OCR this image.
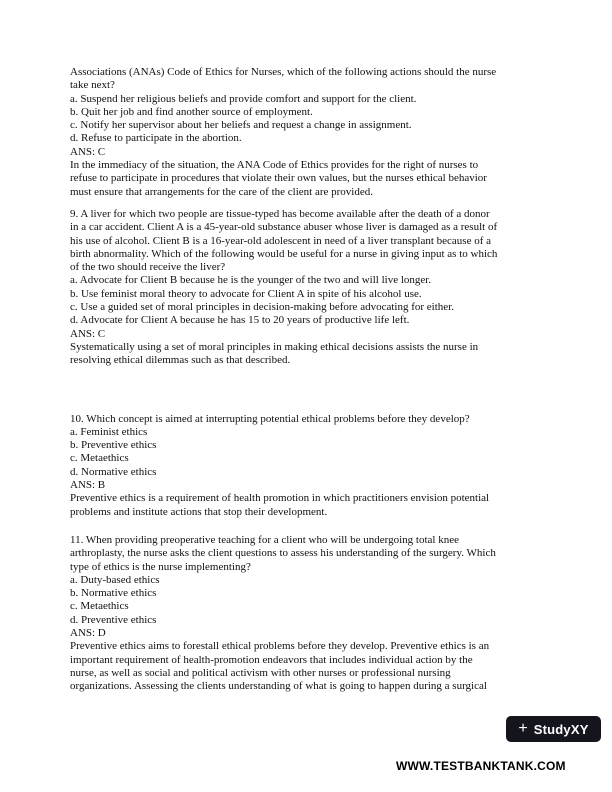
Associations (ANAs) Code of Ethics for Nurses, which of the following actions should the nurse
take next?
a. Suspend her religious beliefs and provide comfort and support for the client.
b. Quit her job and find another source of employment.
c. Notify her supervisor about her beliefs and request a change in assignment.
d. Refuse to participate in the abortion.
ANS: C
In the immediacy of the situation, the ANA Code of Ethics provides for the right of nurses to
refuse to participate in procedures that violate their own values, but the nurses ethical behavior
must ensure that arrangements for the care of the client are provided.
9. A liver for which two people are tissue-typed has become available after the death of a donor
in a car accident. Client A is a 45-year-old substance abuser whose liver is damaged as a result of
his use of alcohol. Client B is a 16-year-old adolescent in need of a liver transplant because of a
birth abnormality. Which of the following would be useful for a nurse in giving input as to which
of the two should receive the liver?
a. Advocate for Client B because he is the younger of the two and will live longer.
b. Use feminist moral theory to advocate for Client A in spite of his alcohol use.
c. Use a guided set of moral principles in decision-making before advocating for either.
d. Advocate for Client A because he has 15 to 20 years of productive life left.
ANS: C
Systematically using a set of moral principles in making ethical decisions assists the nurse in
resolving ethical dilemmas such as that described.
10. Which concept is aimed at interrupting potential ethical problems before they develop?
a. Feminist ethics
b. Preventive ethics
c. Metaethics
d. Normative ethics
ANS: B
Preventive ethics is a requirement of health promotion in which practitioners envision potential
problems and institute actions that stop their development.
11. When providing preoperative teaching for a client who will be undergoing total knee
arthroplasty, the nurse asks the client questions to assess his understanding of the surgery. Which
type of ethics is the nurse implementing?
a. Duty-based ethics
b. Normative ethics
c. Metaethics
d. Preventive ethics
ANS: D
Preventive ethics aims to forestall ethical problems before they develop. Preventive ethics is an
important requirement of health-promotion endeavors that includes individual action by the
nurse, as well as social and political activism with other nurses or professional nursing
organizations. Assessing the clients understanding of what is going to happen during a surgical
+ StudyXY
WWW.TESTBANKTANK.COM
